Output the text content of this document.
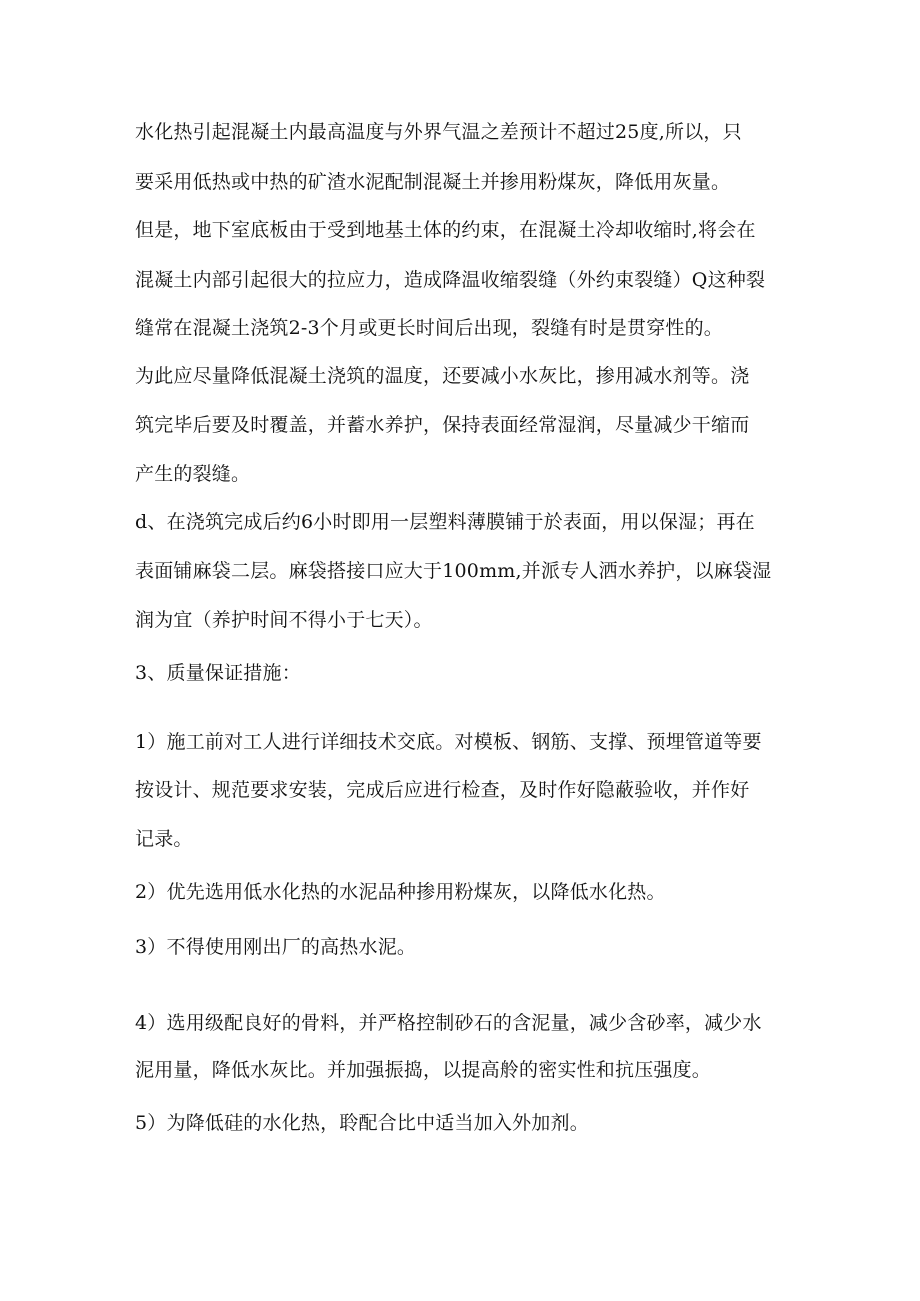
水化热引起混凝土内最高温度与外界气温之差预计不超过25度,所以，只
要采用低热或中热的矿渣水泥配制混凝土并掺用粉煤灰，降低用灰量。
但是，地下室底板由于受到地基土体的约束，在混凝土冷却收缩时,将会在
混凝土内部引起很大的拉应力，造成降温收缩裂缝（外约束裂缝）Q这种裂
缝常在混凝土浇筑2-3个月或更长时间后出现，裂缝有时是贯穿性的。
为此应尽量降低混凝土浇筑的温度，还要减小水灰比，掺用减水剂等。浇
筑完毕后要及时覆盖，并蓄水养护，保持表面经常湿润，尽量减少干缩而
产生的裂缝。
d、在浇筑完成后约6小时即用一层塑料薄膜铺于於表面，用以保湿；再在
表面铺麻袋二层。麻袋搭接口应大于100mm,并派专人洒水养护，以麻袋湿
润为宜（养护时间不得小于七天）。
3、质量保证措施：
1）施工前对工人进行详细技术交底。对模板、钢筋、支撑、预埋管道等要
按设计、规范要求安装，完成后应进行检查，及时作好隐蔽验收，并作好
记录。
2）优先选用低水化热的水泥品种掺用粉煤灰，以降低水化热。
3）不得使用刚出厂的高热水泥。
4）选用级配良好的骨料，并严格控制砂石的含泥量，减少含砂率，减少水
泥用量，降低水灰比。并加强振捣，以提高舲的密实性和抗压强度。
5）为降低硅的水化热，聆配合比中适当加入外加剂。
